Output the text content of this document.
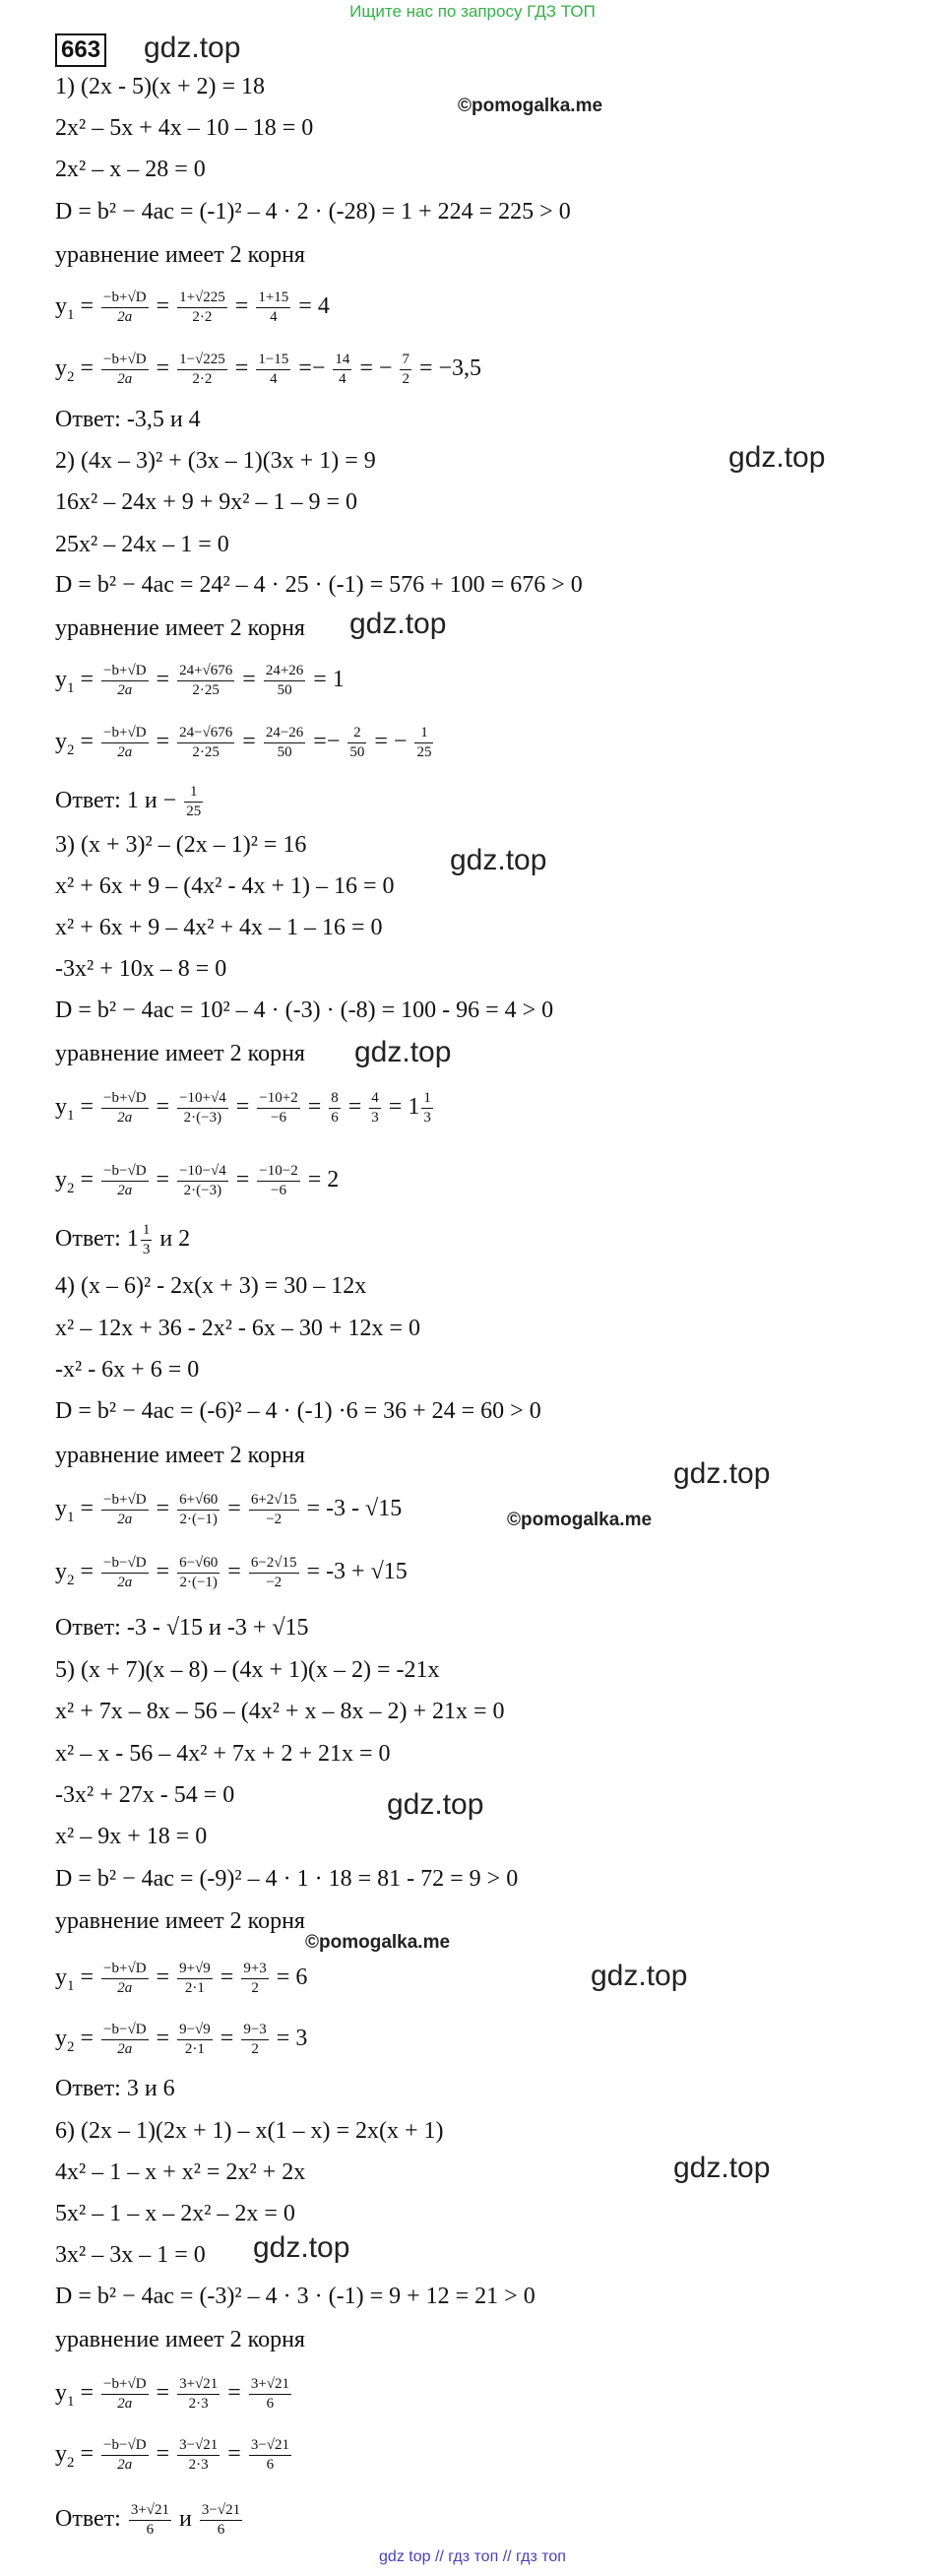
Ищите нас по запросу ГДЗ ТОП
663 gdz.top
©pomogalka.me
gdz.top
gdz.top
gdz.top
gdz.top
gdz.top
©pomogalka.me
gdz.top
©pomogalka.me
gdz.top
gdz.top
gdz.top
1) (2x - 5)(x + 2) = 18
2x² – 5x + 4x – 10 – 18 = 0
2x² – x – 28 = 0
D = b² − 4ac = (-1)² – 4 · 2 · (-28) = 1 + 224 = 225 > 0
уравнение имеет 2 корня
$y_1 = \frac{-b+√D}{2a} = \frac{1+√225}{2\cdot 2} = \frac{1+15}{4} = 4$
$y_2 = \frac{-b+√D}{2a} = \frac{1-√225}{2\cdot 2} = \frac{1-15}{4} =- \frac{14}{4}$ = − $\frac{7}{2} = -3,5$
Ответ: -3,5 и 4
2) (4x – 3)² + (3x – 1)(3x + 1) = 9
16x² – 24x + 9 + 9x² – 1 – 9 = 0
25x² – 24x – 1 = 0
D = b² − 4ac = 24² – 4 · 25 · (-1) = 576 + 100 = 676 > 0
уравнение имеет 2 корня
$y_1 = \frac{-b+√D}{2a} = \frac{24+√676}{2\cdot 25} = \frac{24+26}{50} = 1$
$y_2 = \frac{-b+√D}{2a} = \frac{24-√676}{2\cdot 25} = \frac{24-26}{50} =- \frac{2}{50}$ = − $\frac{1}{25}$
Ответ: 1 $и - \frac{1}{25}$
3) (x + 3)² – (2x – 1)² = 16
x² + 6x + 9 – (4x² - 4x + 1) – 16 = 0
x² + 6x + 9 – 4x² + 4x – 1 – 16 = 0
-3x² + 10x – 8 = 0
D = b² − 4ac = 10² – 4 · (-3) · (-8) = 100 - 96 = 4 > 0
уравнение имеет 2 корня
$y_1 = \frac{-b+√D}{2a} = \frac{-10+√4}{2\cdot(-3)} = \frac{-10+2}{-6} = \frac{8}{6} = \frac{4}{3} = 1 \frac{1}{3}$
$y_2 = \frac{-b-√D}{2a} = \frac{-10-√4}{2\cdot(-3)} = \frac{-10-2}{-6} = 2$
Ответ: $1 \frac{1}{3}$ и 2
4) (x – 6)² - 2x(x + 3) = 30 – 12x
x² – 12x + 36 - 2x² - 6x – 30 + 12x = 0
-x² - 6x + 6 = 0
D = b² − 4ac = (-6)² – 4 · (-1) ·6 = 36 + 24 = 60 > 0
уравнение имеет 2 корня
$y_1 = \frac{-b+√D}{2a} = \frac{6+√60}{2\cdot(-1)} = \frac{6+2√15}{-2} = -3 - √15$
$y_2 = \frac{-b-√D}{2a} = \frac{6-√60}{2\cdot(-1)} = \frac{6-2√15}{-2} = -3 + √15$
Ответ: -3 - √15 и -3 + √15
5) (x + 7)(x – 8) – (4x + 1)(x – 2) = -21x
x² + 7x – 8x – 56 – (4x² + x – 8x – 2) + 21x = 0
x² – x - 56 – 4x² + 7x + 2 + 21x = 0
-3x² + 27x - 54 = 0
x² – 9x + 18 = 0
D = b² − 4ac = (-9)² – 4 · 1 · 18 = 81 - 72 = 9 > 0
уравнение имеет 2 корня
$y_1 = \frac{-b+√D}{2a} = \frac{9+√9}{2\cdot 1} = \frac{9+3}{2} = 6$
$y_2 = \frac{-b-√D}{2a} = \frac{9-√9}{2\cdot 1} = \frac{9-3}{2} = 3$
Ответ: 3 и 6
6) (2x – 1)(2x + 1) – x(1 – x) = 2x(x + 1)
4x² – 1 – x + x² = 2x² + 2x
5x² – 1 – x – 2x² – 2x = 0
3x² – 3x – 1 = 0
D = b² − 4ac = (-3)² – 4 · 3 · (-1) = 9 + 12 = 21 > 0
уравнение имеет 2 корня
$y_1 = \frac{-b+√D}{2a} = \frac{3+√21}{2\cdot 3} = \frac{3+√21}{6}$
$y_2 = \frac{-b-√D}{2a} = \frac{3-√21}{2\cdot 3} = \frac{3-√21}{6}$
Ответ: $\frac{3+√21}{6}$ и $\frac{3-√21}{6}$
gdz top // гдз топ // гдз топ
